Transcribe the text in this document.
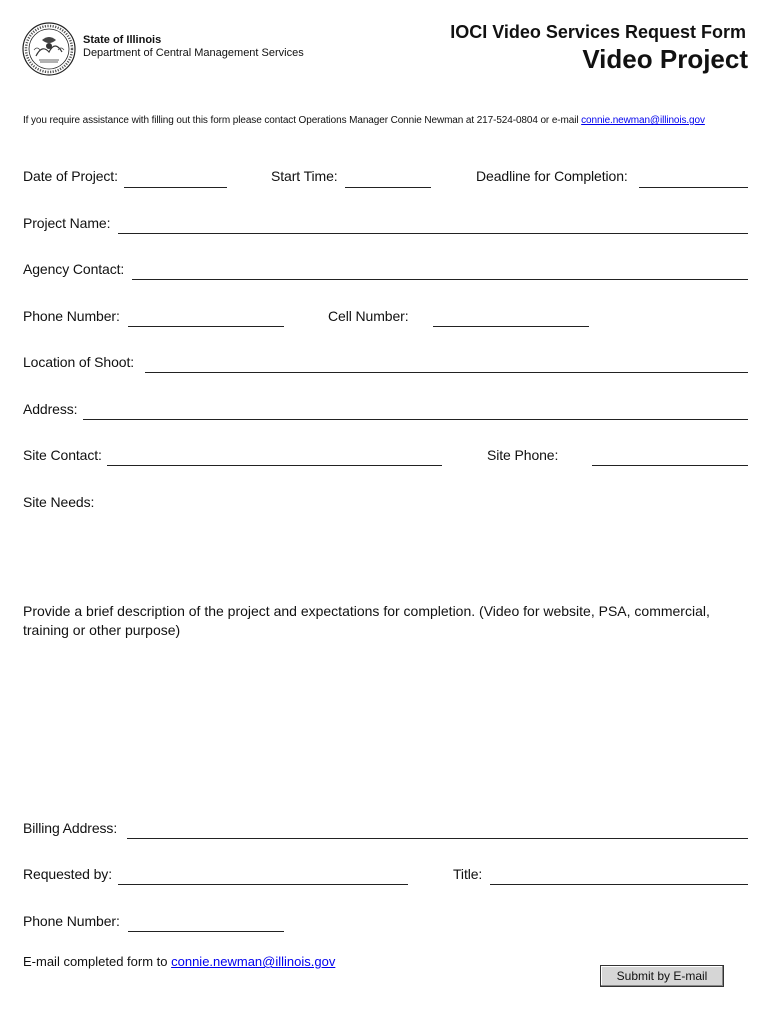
State of Illinois
Department of Central Management Services
IOCI Video Services Request Form
Video Project
If you require assistance with filling out this form please contact Operations Manager Connie Newman at 217-524-0804 or e-mail connie.newman@illinois.gov
Date of Project:	Start Time:	Deadline for Completion:
Project Name:
Agency Contact:
Phone Number:	Cell Number:
Location of Shoot:
Address:
Site Contact:	Site Phone:
Site Needs:
Provide a brief description of the project and expectations for completion. (Video for website, PSA, commercial, training or other purpose)
Billing Address:
Requested by:	Title:
Phone Number:
E-mail completed form to connie.newman@illinois.gov
Submit by E-mail
